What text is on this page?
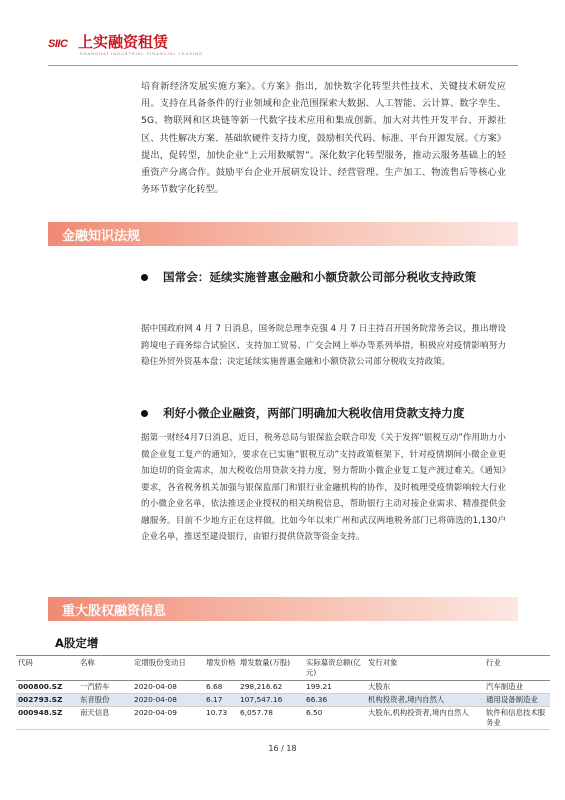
SIIC 上实融资租赁
SHANGHAI INDUSTRIAL FINANCIAL LEASING
培育新经济发展实施方案》。《方案》指出，加快数字化转型共性技术、关键技术研发应用。支持在具备条件的行业领域和企业范围探索大数据、人工智能、云计算、数字孪生、5G、物联网和区块链等新一代数字技术应用和集成创新。加大对共性开发平台、开源社区、共性解决方案、基础软硬件支持力度，鼓励相关代码、标准、平台开源发展。《方案》提出，促转型，加快企业“上云用数赋智”。深化数字化转型服务，推动云服务基础上的轻重资产分离合作。鼓励平台企业开展研发设计、经营管理、生产加工、物流售后等核心业务环节数字化转型。
金融知识法规
国常会：延续实施普惠金融和小额贷款公司部分税收支持政策
据中国政府网 4 月 7 日消息，国务院总理李克强 4 月 7 日主持召开国务院常务会议，推出增设跨境电子商务综合试验区、支持加工贸易、广交会网上举办等系列举措，积极应对疫情影响努力稳住外贸外资基本盘；决定延续实施普惠金融和小额贷款公司部分税收支持政策。
利好小微企业融资，两部门明确加大税收信用贷款支持力度
据第一财经4月7日消息，近日，税务总局与银保监会联合印发《关于发挥“银税互动”作用助力小微企业复工复产的通知》，要求在已实施“银税互动”支持政策框架下，针对疫情期间小微企业更加迫切的资金需求，加大税收信用贷款支持力度，努力帮助小微企业复工复产渡过难关。《通知》要求，各省税务机关加强与银保监部门和银行业金融机构的协作，及时梳理受疫情影响较大行业的小微企业名单，依法推送企业授权的相关纳税信息，帮助银行主动对接企业需求、精准提供金融服务。目前不少地方正在这样做。比如今年以来广州和武汉两地税务部门已将筛选的1,130户企业名单，推送至建设银行，由银行提供贷款等资金支持。
重大股权融资信息
A股定增
代码	名称	定增股份变动日	增发价格	增发数量(万股)	实际募资总额(亿元)	发行对象	行业
000800.SZ	一汽轿车	2020-04-08	6.68	298,216.62	199.21	大股东	汽车制造业
002793.SZ	东音股份	2020-04-08	6.17	107,547.16	66.36	机构投资者,境内自然人	通用设备制造业
000948.SZ	南天信息	2020-04-09	10.73	6,057.78	6.50	大股东,机构投资者,境内自然人	软件和信息技术服务业
16 / 18
